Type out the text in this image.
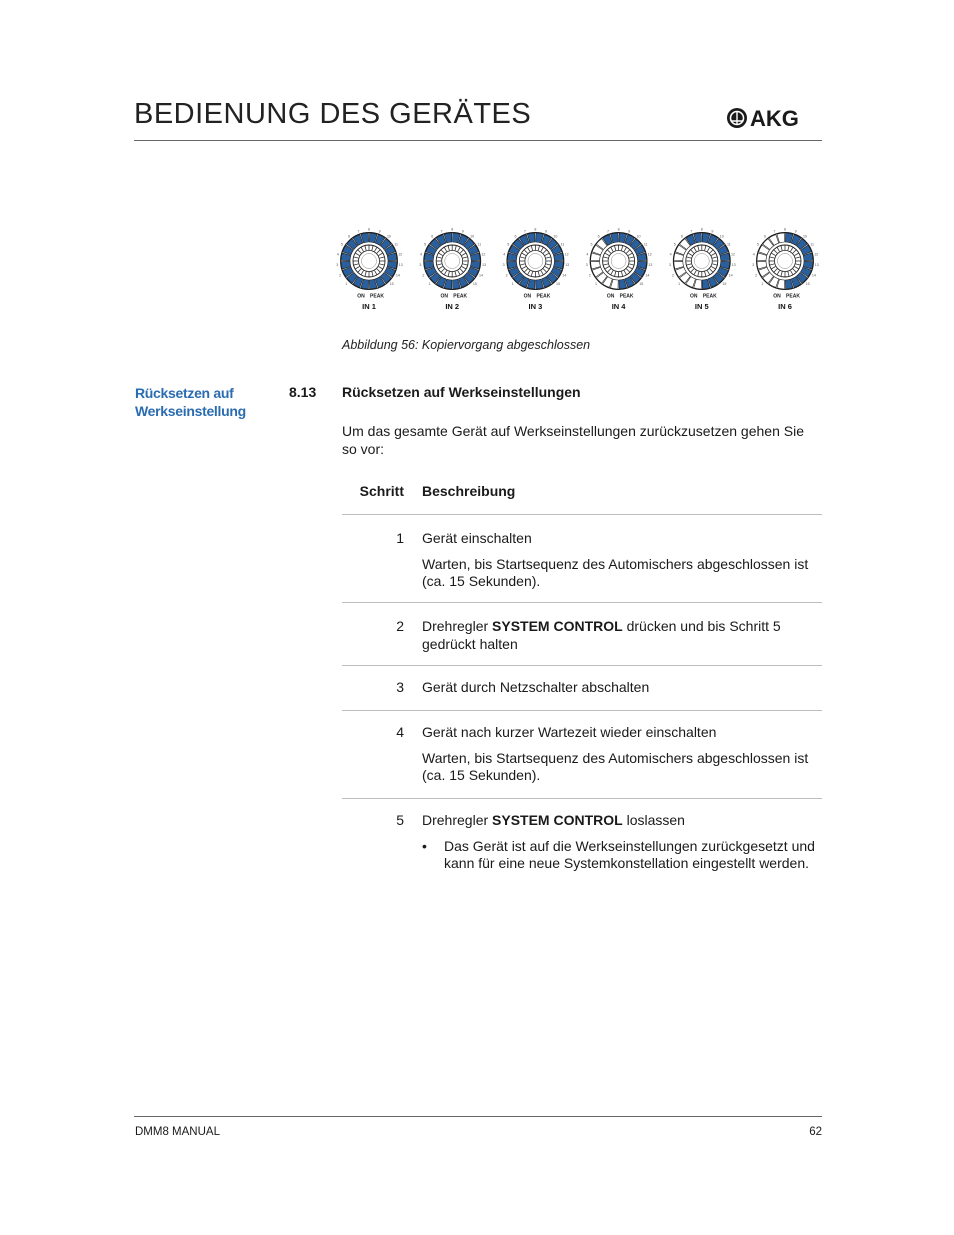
BEDIENUNG DES GERÄTES	AKG
1
2
3
4
5
6
7 8 9
10
11
12
13
14
15
ON PEAK
IN 1
1
2
3
4
5
6
7 8 9
10
11
12
13
14
15
ON PEAK
IN 2
1
2
3
4
5
6
7 8 9
10
11
12
13
14
15
ON PEAK
IN 3
1
2
3
4
5
6
7 8 9
10
11
12
13
14
15
ON PEAK
IN 4
1
2
3
4
5
6
7 8 9
10
11
12
13
14
15
ON PEAK
IN 5
1
2
3
4
5
6
7 8 9
10
11
12
13
14
15
ON PEAK
IN 6
Abbildung 56: Kopiervorgang abgeschlossen
Rücksetzen auf Werkseinstellung
8.13 Rücksetzen auf Werkseinstellungen

Um das gesamte Gerät auf Werkseinstellungen zurückzusetzen gehen Sie so vor:

Schritt Beschreibung
1 Gerät einschalten

Warten, bis Startsequenz des Automischers abgeschlossen ist (ca. 15 Sekunden).

2 Drehregler SYSTEM CONTROL drücken und bis Schritt 5 gedrückt halten

3 Gerät durch Netzschalter abschalten

4 Gerät nach kurzer Wartezeit wieder einschalten

Warten, bis Startsequenz des Automischers abgeschlossen ist (ca. 15 Sekunden).

5 Drehregler SYSTEM CONTROL loslassen

•	Das Gerät ist auf die Werkseinstellungen zurückgesetzt und kann für eine neue Systemkonstellation eingestellt werden.
DMM8 MANUAL	62
